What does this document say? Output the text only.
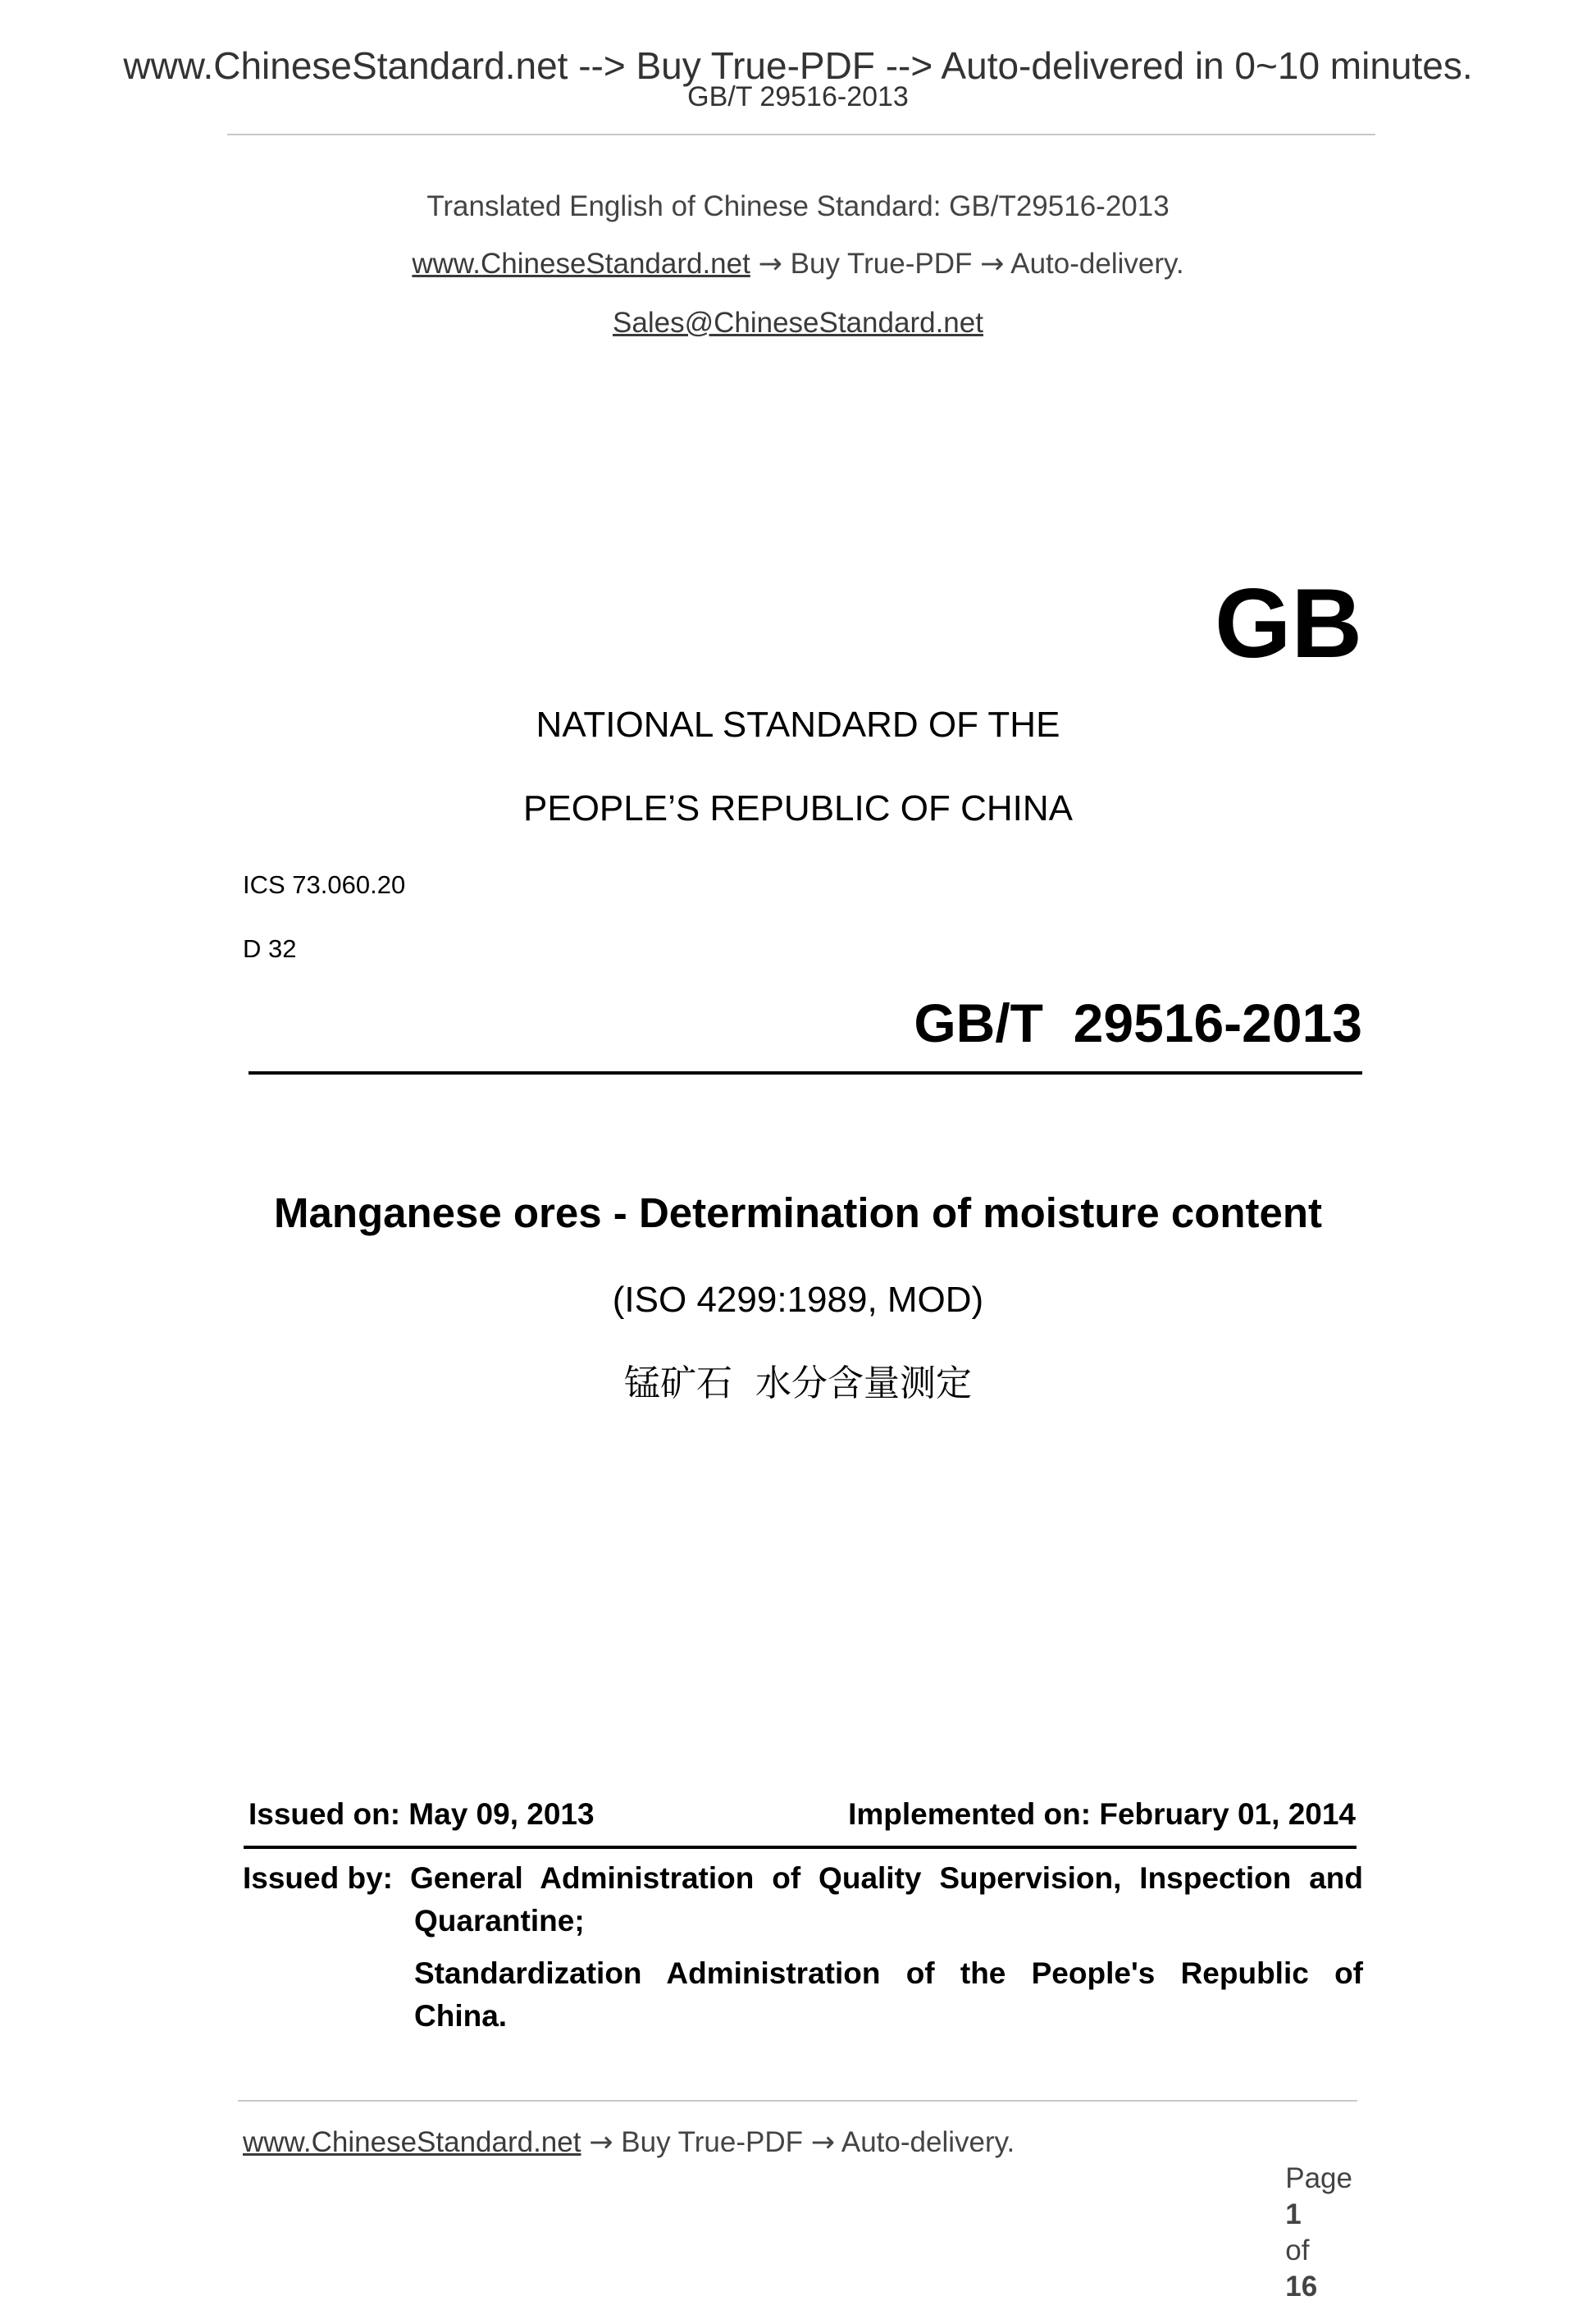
www.ChineseStandard.net --> Buy True-PDF --> Auto-delivered in 0~10 minutes.
GB/T 29516-2013
Translated English of Chinese Standard: GB/T29516-2013
www.ChineseStandard.net → Buy True-PDF → Auto-delivery.
Sales@ChineseStandard.net
GB
NATIONAL STANDARD OF THE
PEOPLE’S REPUBLIC OF CHINA
ICS 73.060.20
D 32
GB/T  29516-2013
Manganese ores - Determination of moisture content
(ISO 4299:1989, MOD)
锰矿石  水分含量测定
Issued on: May 09, 2013	Implemented on: February 01, 2014
Issued by: General Administration of Quality Supervision, Inspection and
Quarantine;
Standardization Administration of the People's Republic of
China.
www.ChineseStandard.net → Buy True-PDF → Auto-delivery.

Page
1
of
16
